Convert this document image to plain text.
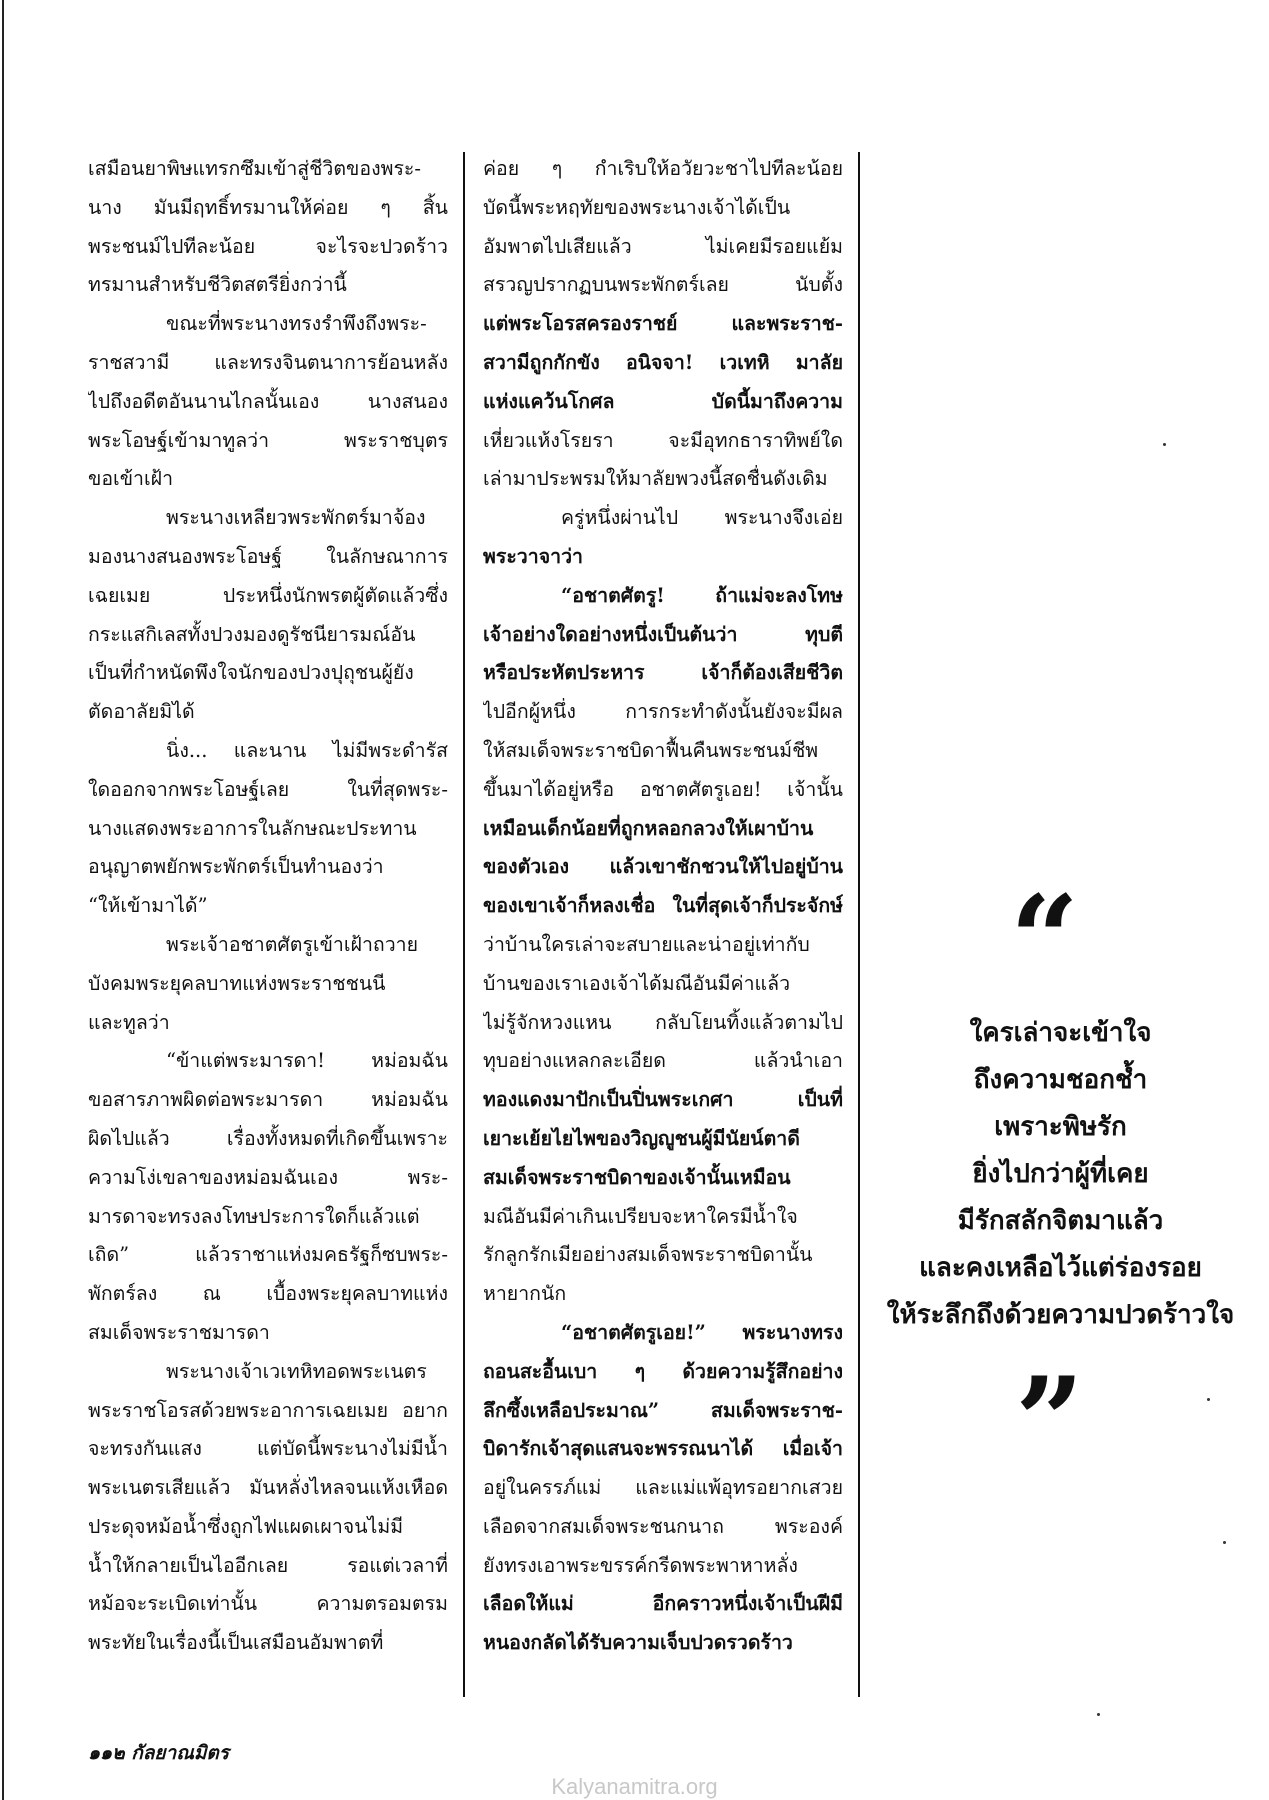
เสมือนยาพิษแทรกซึมเข้าสู่ชีวิตของพระ-
นาง มันมีฤทธิ์ทรมานให้ค่อย ๆ สิ้น
พระชนม์ไปทีละน้อย จะไรจะปวดร้าว
ทรมานสำหรับชีวิตสตรียิ่งกว่านี้
ขณะที่พระนางทรงรำพึงถึงพระ-
ราชสวามี และทรงจินตนาการย้อนหลัง
ไปถึงอดีตอันนานไกลนั้นเอง นางสนอง
พระโอษฐ์เข้ามาทูลว่า พระราชบุตร
ขอเข้าเฝ้า
พระนางเหลียวพระพักตร์มาจ้อง
มองนางสนองพระโอษฐ์ ในลักษณาการ
เฉยเมย ประหนึ่งนักพรตผู้ตัดแล้วซึ่ง
กระแสกิเลสทั้งปวงมองดูรัชนียารมณ์อัน
เป็นที่กำหนัดพึงใจนักของปวงปุถุชนผู้ยัง
ตัดอาลัยมิได้
นิ่ง... และนาน ไม่มีพระดำรัส
ใดออกจากพระโอษฐ์เลย ในที่สุดพระ-
นางแสดงพระอาการในลักษณะประทาน
อนุญาตพยักพระพักตร์เป็นทำนองว่า
“ให้เข้ามาได้”
พระเจ้าอชาตศัตรูเข้าเฝ้าถวาย
บังคมพระยุคลบาทแห่งพระราชชนนี
และทูลว่า
“ข้าแต่พระมารดา! หม่อมฉัน
ขอสารภาพผิดต่อพระมารดา หม่อมฉัน
ผิดไปแล้ว เรื่องทั้งหมดที่เกิดขึ้นเพราะ
ความโง่เขลาของหม่อมฉันเอง พระ-
มารดาจะทรงลงโทษประการใดก็แล้วแต่
เถิด” แล้วราชาแห่งมคธรัฐก็ซบพระ-
พักตร์ลง ณ เบื้องพระยุคลบาทแห่ง
สมเด็จพระราชมารดา
พระนางเจ้าเวเทหิทอดพระเนตร
พระราชโอรสด้วยพระอาการเฉยเมย อยาก
จะทรงกันแสง แต่บัดนี้พระนางไม่มีน้ำ
พระเนตรเสียแล้ว มันหลั่งไหลจนแห้งเหือด
ประดุจหม้อน้ำซึ่งถูกไฟแผดเผาจนไม่มี
น้ำให้กลายเป็นไออีกเลย รอแต่เวลาที่
หม้อจะระเบิดเท่านั้น ความตรอมตรม
พระทัยในเรื่องนี้เป็นเสมือนอัมพาตที่
ค่อย ๆ กำเริบให้อวัยวะชาไปทีละน้อย
บัดนี้พระหฤทัยของพระนางเจ้าได้เป็น
อัมพาตไปเสียแล้ว ไม่เคยมีรอยแย้ม
สรวญปรากฏบนพระพักตร์เลย นับตั้ง
แต่พระโอรสครองราชย์ และพระราช-
สวามีถูกกักขัง อนิจจา! เวเทหิ มาลัย
แห่งแคว้นโกศล บัดนี้มาถึงความ
เหี่ยวแห้งโรยรา จะมีอุทกธาราทิพย์ใด
เล่ามาประพรมให้มาลัยพวงนี้สดชื่นดังเดิม
ครู่หนึ่งผ่านไป พระนางจึงเอ่ย
พระวาจาว่า
“อชาตศัตรู! ถ้าแม่จะลงโทษ
เจ้าอย่างใดอย่างหนึ่งเป็นต้นว่า ทุบตี
หรือประหัตประหาร เจ้าก็ต้องเสียชีวิต
ไปอีกผู้หนึ่ง การกระทำดังนั้นยังจะมีผล
ให้สมเด็จพระราชบิดาฟื้นคืนพระชนม์ชีพ
ขึ้นมาได้อยู่หรือ อชาตศัตรูเอย! เจ้านั้น
เหมือนเด็กน้อยที่ถูกหลอกลวงให้เผาบ้าน
ของตัวเอง แล้วเขาชักชวนให้ไปอยู่บ้าน
ของเขาเจ้าก็หลงเชื่อ ในที่สุดเจ้าก็ประจักษ์
ว่าบ้านใครเล่าจะสบายและน่าอยู่เท่ากับ
บ้านของเราเองเจ้าได้มณีอันมีค่าแล้ว
ไม่รู้จักหวงแหน กลับโยนทิ้งแล้วตามไป
ทุบอย่างแหลกละเอียด แล้วนำเอา
ทองแดงมาปักเป็นปิ่นพระเกศา เป็นที่
เยาะเย้ยไยไพของวิญญูชนผู้มีนัยน์ตาดี
สมเด็จพระราชบิดาของเจ้านั้นเหมือน
มณีอันมีค่าเกินเปรียบจะหาใครมีน้ำใจ
รักลูกรักเมียอย่างสมเด็จพระราชบิดานั้น
หายากนัก
“อชาตศัตรูเอย!” พระนางทรง
ถอนสะอื้นเบา ๆ ด้วยความรู้สึกอย่าง
ลึกซึ้งเหลือประมาณ” สมเด็จพระราช-
บิดารักเจ้าสุดแสนจะพรรณนาได้ เมื่อเจ้า
อยู่ในครรภ์แม่ และแม่แพ้อุทรอยากเสวย
เลือดจากสมเด็จพระชนกนาถ พระองค์
ยังทรงเอาพระขรรค์กรีดพระพาหาหลั่ง
เลือดให้แม่ อีกคราวหนึ่งเจ้าเป็นฝีมี
หนองกลัดได้รับความเจ็บปวดรวดร้าว
“
ใครเล่าจะเข้าใจ
ถึงความชอกช้ำ
เพราะพิษรัก
ยิ่งไปกว่าผู้ที่เคย
มีรักสลักจิตมาแล้ว
และคงเหลือไว้แต่ร่องรอย
ให้ระลึกถึงด้วยความปวดร้าวใจ
”
๑๑๒ กัลยาณมิตร
Kalyanamitra.org
